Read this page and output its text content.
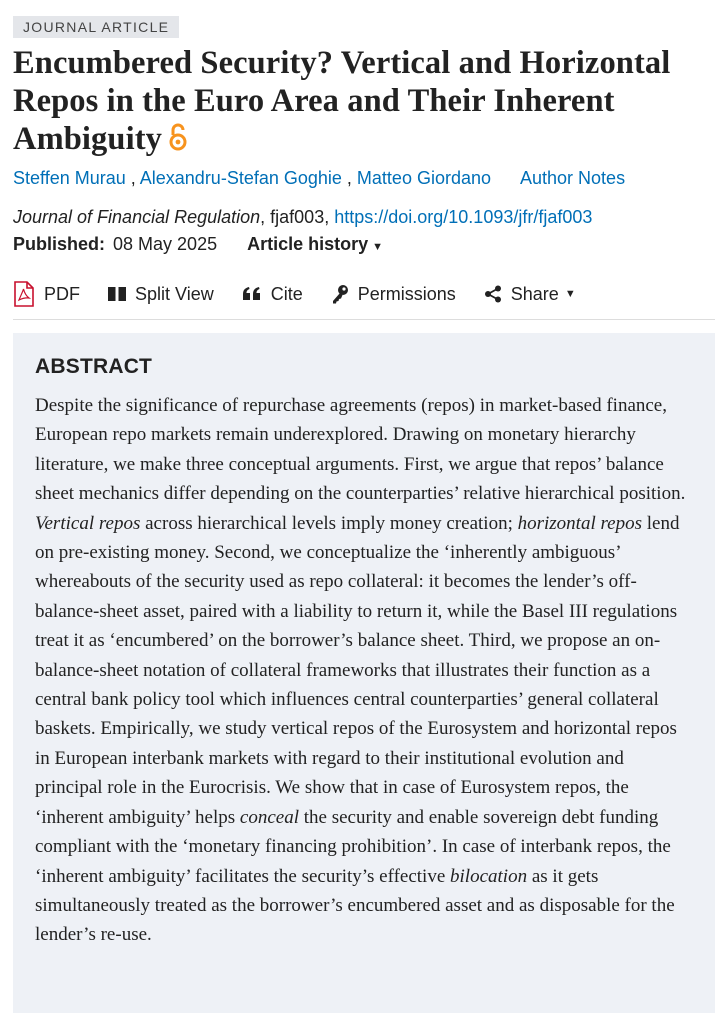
JOURNAL ARTICLE
Encumbered Security? Vertical and Horizontal Repos in the Euro Area and Their Inherent Ambiguity
Steffen Murau , Alexandru-Stefan Goghie , Matteo Giordano Author Notes
Journal of Financial Regulation, fjaf003, https://doi.org/10.1093/jfr/fjaf003
Published: 08 May 2025 Article history ▼
PDF	Split View	Cite	Permissions	Share ▼
ABSTRACT

Despite the significance of repurchase agreements (repos) in market-based finance, European repo markets remain underexplored. Drawing on monetary hierarchy literature, we make three conceptual arguments. First, we argue that repos’ balance sheet mechanics differ depending on the counterparties’ relative hierarchical position. Vertical repos across hierarchical levels imply money creation; horizontal repos lend on pre-existing money. Second, we conceptualize the ‘inherently ambiguous’ whereabouts of the security used as repo collateral: it becomes the lender’s off-balance-sheet asset, paired with a liability to return it, while the Basel III regulations treat it as ‘encumbered’ on the borrower’s balance sheet. Third, we propose an on-balance-sheet notation of collateral frameworks that illustrates their function as a central bank policy tool which influences central counterparties’ general collateral baskets. Empirically, we study vertical repos of the Eurosystem and horizontal repos in European interbank markets with regard to their institutional evolution and principal role in the Eurocrisis. We show that in case of Eurosystem repos, the ‘inherent ambiguity’ helps conceal the security and enable sovereign debt funding compliant with the ‘monetary financing prohibition’. In case of interbank repos, the ‘inherent ambiguity’ facilitates the security’s effective bilocation as it gets simultaneously treated as the borrower’s encumbered asset and as disposable for the lender’s re-use.
